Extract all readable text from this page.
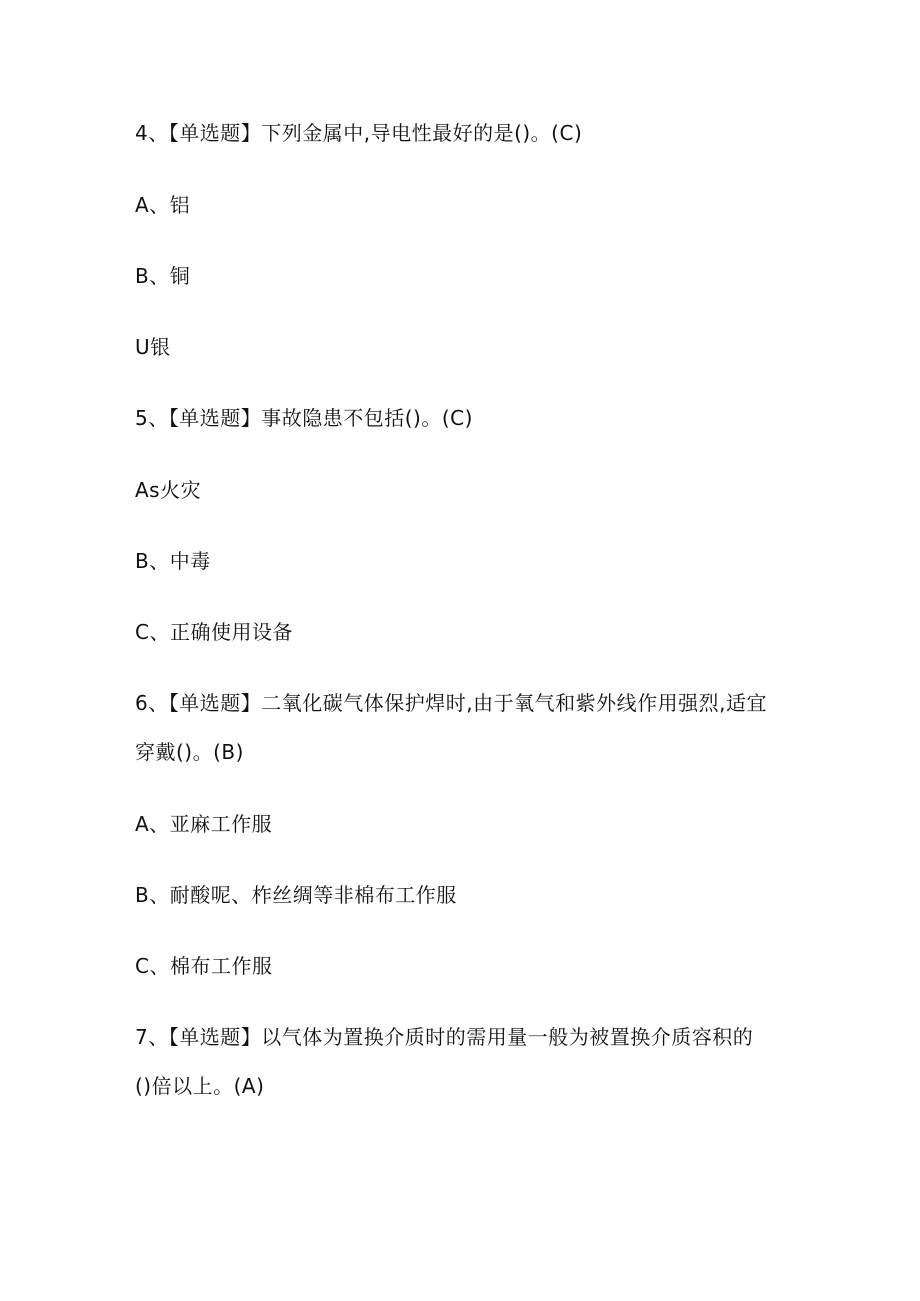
4、【单选题】下列金属中,导电性最好的是()。(C)
A、铝
B、铜
U银
5、【单选题】事故隐患不包括()。(C)
As火灾
B、中毒
C、正确使用设备
6、【单选题】二氧化碳气体保护焊时,由于氧气和紫外线作用强烈,适宜
穿戴()。(B)
A、亚麻工作服
B、耐酸呢、柞丝绸等非棉布工作服
C、棉布工作服
7、【单选题】以气体为置换介质时的需用量一般为被置换介质容积的
()倍以上。(A)
